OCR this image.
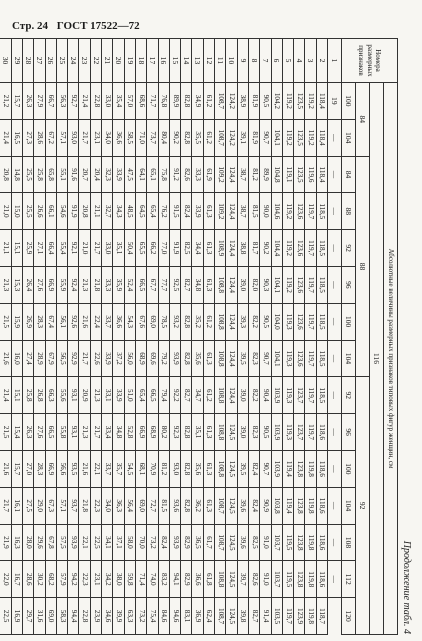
Стр. 24 ГОСТ 17522—72
Продолжение табл. 4
Номера размерных признаков	Абсолютные величины размерных признаков типовых фигур женщин, см														
	116														
	84		88						92						
	100	104	84	88	92	96	100	104	92	96	100	104	108	112	120
1	19	—	—	—	—	—	—	—	—	—	—	—	—	—	
2	118,4	118,4	118,4	118,5	118,5	118,5	118,5	118,5	118,5	118,6	118,6	118,6	118,6	118,6	118,7
3	119,2	119,2	119,6	119,7	119,7	119,7	119,7	119,7	119,7	119,7	119,8	119,8	119,8	119,8	119,8
4	123,5	123,5	123,5	123,6	123,6	123,6	123,6	123,6	123,7	123,7	123,8	123,8	123,8	123,8	123,9
5	119,2	119,2	119,1	119,2	119,2	119,2	119,3	119,3	119,3	119,3	119,4	119,4	119,5	119,5	119,7
6	104,2	104,1	104,8	104,6	104,4	104,1	104,0	104,1	103,9	103,9	103,9	103,8	103,7	103,7	103,5
7	90,5	90,7	89,9	90,0	90,2	90,3	90,5	90,7	90,4	90,5	90,7	90,9	91,0	91,0	91,4
8	81,9	81,9	81,2	81,5	81,7	82,0	82,2	82,3	82,2	82,3	82,4	82,4	82,5	82,6	82,7
9	38,9	39,1	38,7	38,7	38,8	39,0	39,3	39,5	39,0	39,0	39,5	39,6	39,6	39,7	39,8
10	124,2	124,2	124,4	124,4	124,4	124,4	124,4	124,4	124,4	124,5	124,5	124,5	124,5	124,5	124,5
11	108,7	108,7	109,2	109,2	108,9	108,8	108,8	108,8	108,8	108,8	108,8	108,7	108,7	108,8	108,7
12	61,2	61,2	61,9	61,3	61,3	61,3	61,2	61,3	61,2	61,3	61,3	61,3	61,7	61,8	62,4
13	34,9	35,5	33,3	33,9	34,4	34,8	35,2	35,6	34,7	35,1	35,6	36,2	36,5	36,6	36,9
14	82,8	82,8	82,6	82,4	82,5	82,7	82,8	82,8	82,7	82,8	82,8	82,8	82,9	82,9	83,1
15	89,9	90,2	91,2	91,5	91,9	92,5	93,2	93,9	92,2	92,3	93,0	93,6	93,9	94,1	94,6
16	76,8	80,4	75,8	76,2	77,0	77,7	78,5	79,2	79,4	80,2	81,2	81,5	82,4	83,2	84,6
17	71,7	73,7	65,1	65,4	66,2	67,7	69,0	69,6	66,5	68,9	70,9	72,7	73,2	74,0	75,4
18	68,6	71,0	64,1	64,5	65,5	66,5	67,6	68,9	65,4	66,9	68,1	69,0	70,0	71,4	73,2
19	57,0	58,5	47,5	48,5	50,4	52,4	54,3	56,0	51,0	52,8	54,5	56,4	58,0	59,8	63,3
20	35,4	36,6	33,9	34,3	35,1	35,9	36,6	37,2	33,9	34,8	35,7	36,3	37,1	38,0	39,9
21	33,0	34,0	32,3	32,7	33,0	33,3	33,7	33,9	33,1	33,4	33,7	34,0	34,1	34,2	34,6
22	22,8	23,1	20,4	21,1	21,7	21,8	22,4	22,6	21,3	21,7	22,1	22,3	22,5	23,1	23,9
23	21,4	21,7	20,7	20,8	21,0	21,3	21,6	21,7	20,9	21,3	21,6	21,8	22,1	22,3	22,8
24	92,7	93,0	91,6	91,9	92,1	92,4	92,6	92,9	93,1	93,1	93,5	93,7	93,9	94,2	94,4
25	56,3	57,1	55,1	54,6	55,4	55,9	56,1	56,5	55,6	55,8	56,6	57,1	57,5	57,9	58,3
26	66,7	67,2	65,8	66,1	66,4	66,9	67,4	67,9	66,3	66,5	66,9	67,3	67,8	68,2	69,0
27	27,9	28,6	25,8	26,6	27,1	27,6	28,3	28,9	26,8	27,6	28,3	29,0	29,6	30,2	31,6
28	26,3	27,3	25,5	25,5	25,9	26,4	26,9	27,4	25,8	26,3	27,0	27,5	28,0	28,6	29,7
29	15,7	16,5	14,8	15,0	15,1	15,3	15,9	16,0	15,1	15,4	15,7	16,1	16,3	16,7	16,9
30	21,2	21,4	20,8	21,0	21,1	21,3	21,5	21,6	21,4	21,5	21,6	21,7	21,9	22,0	22,5
